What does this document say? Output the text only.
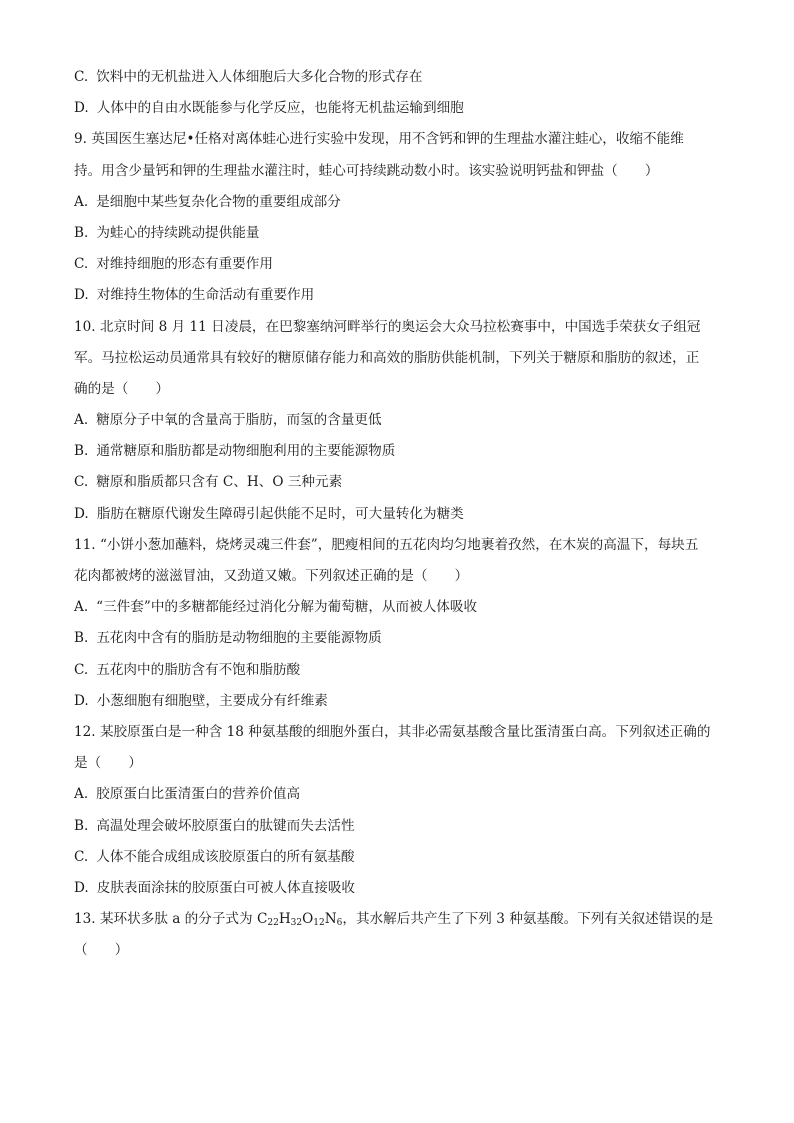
C. 饮料中的无机盐进入人体细胞后大多化合物的形式存在
D. 人体中的自由水既能参与化学反应，也能将无机盐运输到细胞
9. 英国医生塞达尼•任格对离体蛙心进行实验中发现，用不含钙和钾的生理盐水灌注蛙心，收缩不能维
持。用含少量钙和钾的生理盐水灌注时，蛙心可持续跳动数小时。该实验说明钙盐和钾盐（　　）
A. 是细胞中某些复杂化合物的重要组成部分
B. 为蛙心的持续跳动提供能量
C. 对维持细胞的形态有重要作用
D. 对维持生物体的生命活动有重要作用
10. 北京时间 8 月 11 日凌晨，在巴黎塞纳河畔举行的奥运会大众马拉松赛事中，中国选手荣获女子组冠
军。马拉松运动员通常具有较好的糖原储存能力和高效的脂肪供能机制，下列关于糖原和脂肪的叙述，正
确的是（　　）
A. 糖原分子中氧的含量高于脂肪，而氢的含量更低
B. 通常糖原和脂肪都是动物细胞利用的主要能源物质
C. 糖原和脂质都只含有 C、H、O 三种元素
D. 脂肪在糖原代谢发生障碍引起供能不足时，可大量转化为糖类
11. “小饼小葱加蘸料，烧烤灵魂三件套”，肥瘦相间的五花肉均匀地裹着孜然，在木炭的高温下，每块五
花肉都被烤的滋滋冒油，又劲道又嫩。下列叙述正确的是（　　）
A. “三件套”中的多糖都能经过消化分解为葡萄糖，从而被人体吸收
B. 五花肉中含有的脂肪是动物细胞的主要能源物质
C. 五花肉中的脂肪含有不饱和脂肪酸
D. 小葱细胞有细胞壁，主要成分有纤维素
12. 某胶原蛋白是一种含 18 种氨基酸的细胞外蛋白，其非必需氨基酸含量比蛋清蛋白高。下列叙述正确的
是（　　）
A. 胶原蛋白比蛋清蛋白的营养价值高
B. 高温处理会破坏胶原蛋白的肽键而失去活性
C. 人体不能合成组成该胶原蛋白的所有氨基酸
D. 皮肤表面涂抹的胶原蛋白可被人体直接吸收
13. 某环状多肽 a 的分子式为 $C_{22}H_{32}O_{12}N_6$，其水解后共产生了下列 3 种氨基酸。下列有关叙述错误的是
（　　）
